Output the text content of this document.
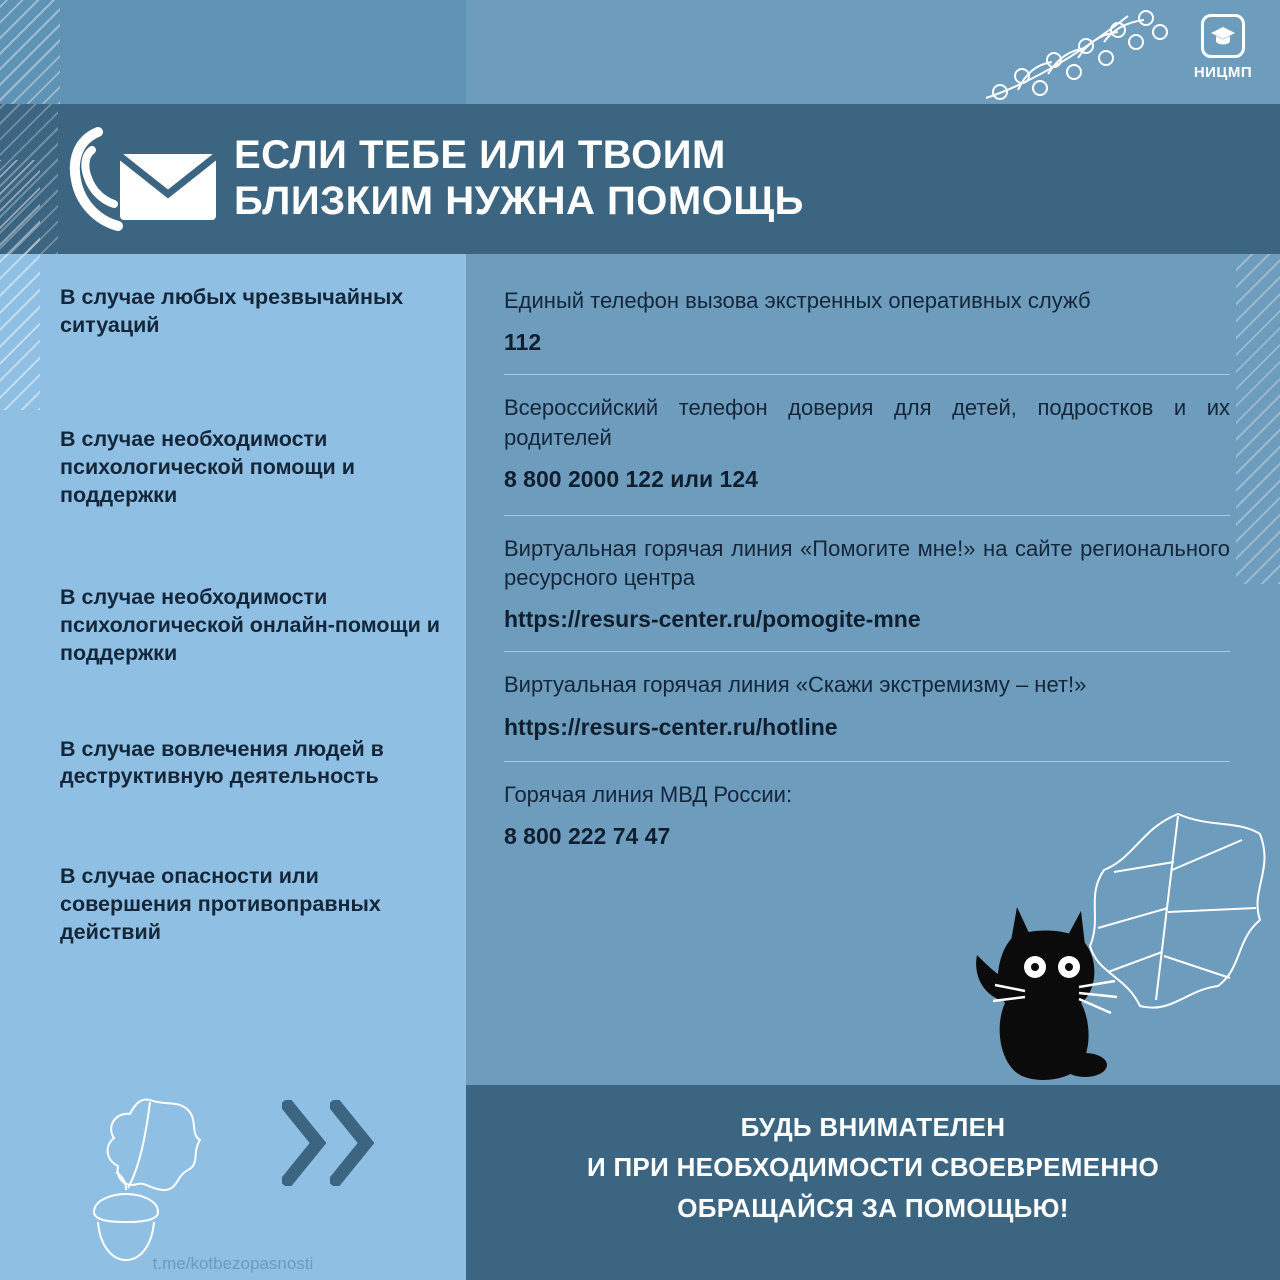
НИЦМП
ЕСЛИ ТЕБЕ ИЛИ ТВОИМ
БЛИЗКИМ НУЖНА ПОМОЩЬ
В случае любых чрезвычайных ситуаций
В случае необходимости психологической помощи и поддержки
В случае необходимости психологической онлайн-помощи и поддержки
В случае вовлечения людей в деструктивную деятельность
В случае опасности или совершения противоправных действий
Единый телефон вызова экстренных оперативных служб
112
Всероссийский телефон доверия для детей, подростков и их родителей
8 800 2000 122 или 124
Виртуальная горячая линия «Помогите мне!» на сайте регионального ресурсного центра
https://resurs-center.ru/pomogite-mne
Виртуальная горячая линия «Скажи экстремизму – нет!»
https://resurs-center.ru/hotline
Горячая линия МВД России:
8 800 222 74 47
t.me/kotbezopasnosti
БУДЬ ВНИМАТЕЛЕН
И ПРИ НЕОБХОДИМОСТИ СВОЕВРЕМЕННО
ОБРАЩАЙСЯ ЗА ПОМОЩЬЮ!
